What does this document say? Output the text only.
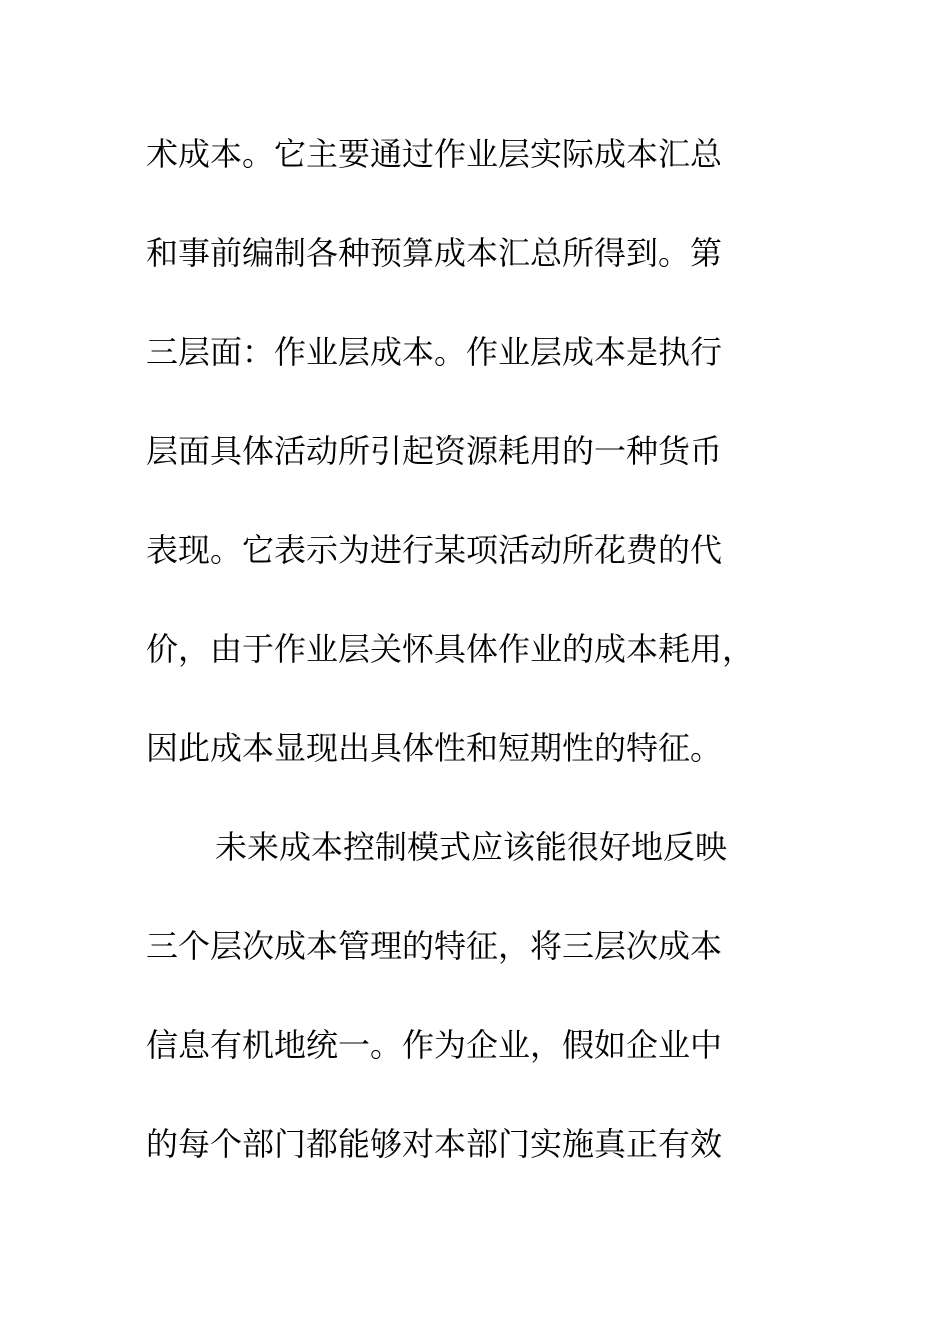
术成本。它主要通过作业层实际成本汇总
和事前编制各种预算成本汇总所得到。第
三层面：作业层成本。作业层成本是执行
层面具体活动所引起资源耗用的一种货币
表现。它表示为进行某项活动所花费的代
价，由于作业层关怀具体作业的成本耗用，
因此成本显现出具体性和短期性的特征。
未来成本控制模式应该能很好地反映
三个层次成本管理的特征，将三层次成本
信息有机地统一。作为企业，假如企业中
的每个部门都能够对本部门实施真正有效
